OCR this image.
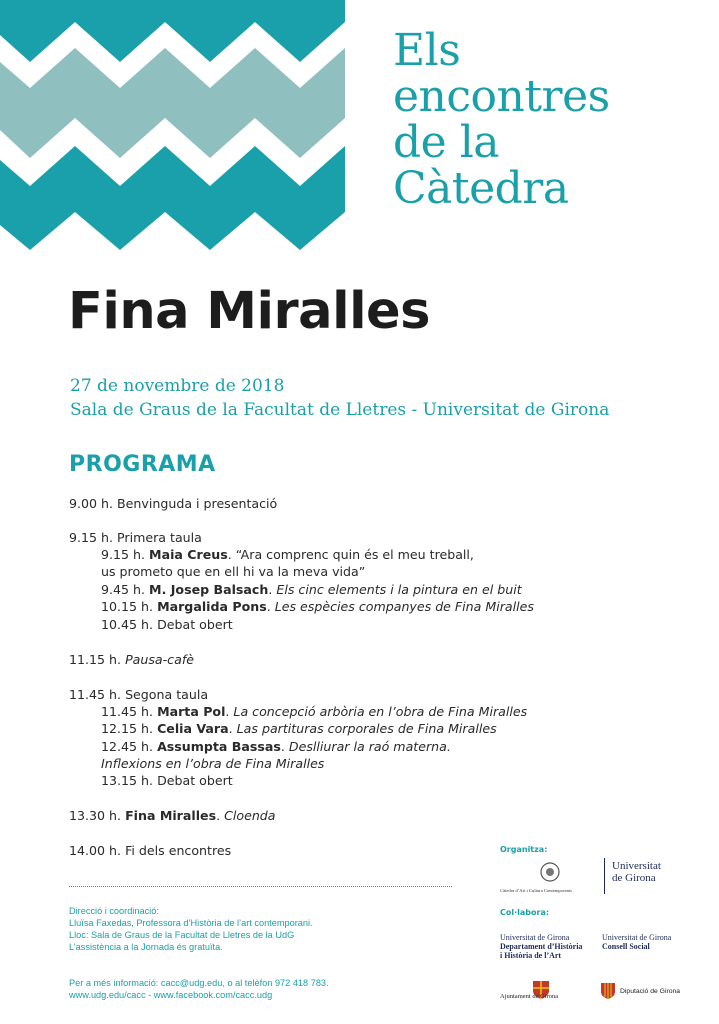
Els
encontres
de la
Càtedra
Fina Miralles
27 de novembre de 2018
Sala de Graus de la Facultat de Lletres - Universitat de Girona
PROGRAMA
9.00 h. Benvinguda i presentació
9.15 h. Primera taula
9.15 h. Maia Creus. “Ara comprenc quin és el meu treball,
us prometo que en ell hi va la meva vida”
9.45 h. M. Josep Balsach. Els cinc elements i la pintura en el buit
10.15 h. Margalida Pons. Les espècies companyes de Fina Miralles
10.45 h. Debat obert
11.15 h. Pausa-cafè
11.45 h. Segona taula
11.45 h. Marta Pol. La concepció arbòria en l’obra de Fina Miralles
12.15 h. Celia Vara. Las partituras corporales de Fina Miralles
12.45 h. Assumpta Bassas. Deslliurar la raó materna.
Inflexions en l’obra de Fina Miralles
13.15 h. Debat obert
13.30 h. Fina Miralles. Cloenda
14.00 h. Fi dels encontres
Direcció i coordinació:
Lluïsa Faxedas, Professora d’Història de l’art contemporani.
Lloc: Sala de Graus de la Facultat de Lletres de la UdG
L’assistència a la Jornada és gratuïta.
Per a més informació: cacc@udg.edu, o al telèfon 972 418 783.
www.udg.edu/cacc - www.facebook.com/cacc.udg
Organitza:
Càtedra d’Art i Cultura Contemporanis
Universitat
de Girona
Col·labora:
Universitat de Girona
Departament d’Història
i Història de l’Art
Universitat de Girona
Consell Social
Ajuntament de Girona
Diputació de Girona
